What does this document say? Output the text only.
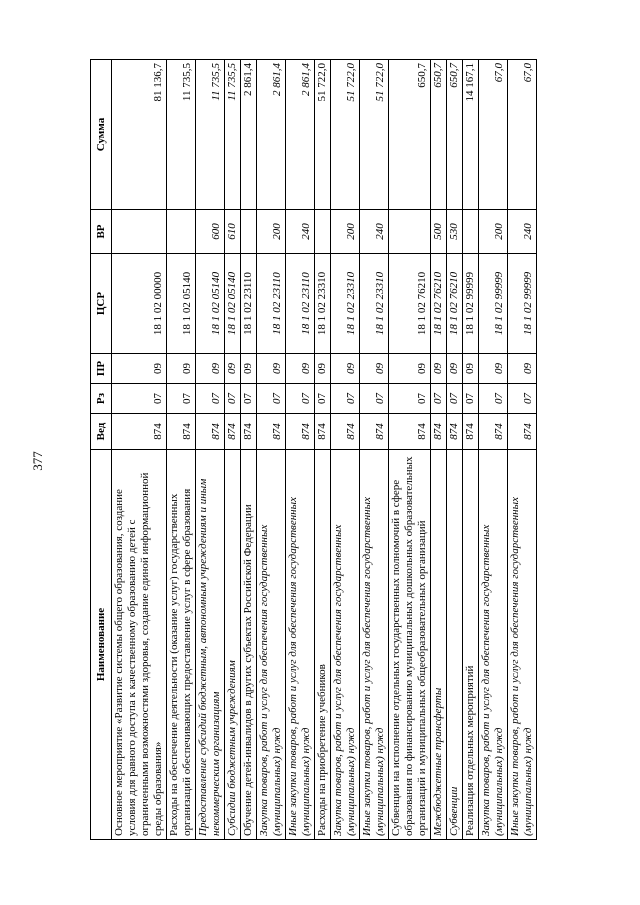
377
Наименование	Вед	Рз	ПР	ЦСР	ВР	Сумма
Основное мероприятие «Развитие системы общего образования, создание условия для равного доступа к качественному образованию детей с ограниченными возможностями здоровья, создание единой информационной среды образования»	874	07	09	18 1 02 00000		81 136,7
Расходы на обеспечение деятельности (оказание услуг) государственных организаций обеспечивающих предоставление услуг в сфере образования	874	07	09	18 1 02 05140		11 735,5
Предоставление субсидий бюджетным, автономным учреждениям и иным некоммерческим организациям	874	07	09	18 1 02 05140	600	11 735,5
Субсидии бюджетным учреждениям	874	07	09	18 1 02 05140	610	11 735,5
Обучение детей-инвалидов в других субъектах Российской Федерации	874	07	09	18 1 02 23110		2 861,4
Закупка товаров, работ и услуг для обеспечения государственных (муниципальных) нужд	874	07	09	18 1 02 23110	200	2 861,4
Иные закупки товаров, работ и услуг для обеспечения государственных (муниципальных) нужд	874	07	09	18 1 02 23110	240	2 861,4
Расходы на приобретение учебников	874	07	09	18 1 02 23310		51 722,0
Закупка товаров, работ и услуг для обеспечения государственных (муниципальных) нужд	874	07	09	18 1 02 23310	200	51 722,0
Иные закупки товаров, работ и услуг для обеспечения государственных (муниципальных) нужд	874	07	09	18 1 02 23310	240	51 722,0
Субвенции на исполнение отдельных государственных полномочий в сфере образования по финансированию муниципальных дошкольных образовательных организаций и муниципальных общеобразовательных организаций	874	07	09	18 1 02 76210		650,7
Межбюджетные трансферты	874	07	09	18 1 02 76210	500	650,7
Субвенции	874	07	09	18 1 02 76210	530	650,7
Реализация отдельных мероприятий	874	07	09	18 1 02 99999		14 167,1
Закупка товаров, работ и услуг для обеспечения государственных (муниципальных) нужд	874	07	09	18 1 02 99999	200	67,0
Иные закупки товаров, работ и услуг для обеспечения государственных (муниципальных) нужд	874	07	09	18 1 02 99999	240	67,0
